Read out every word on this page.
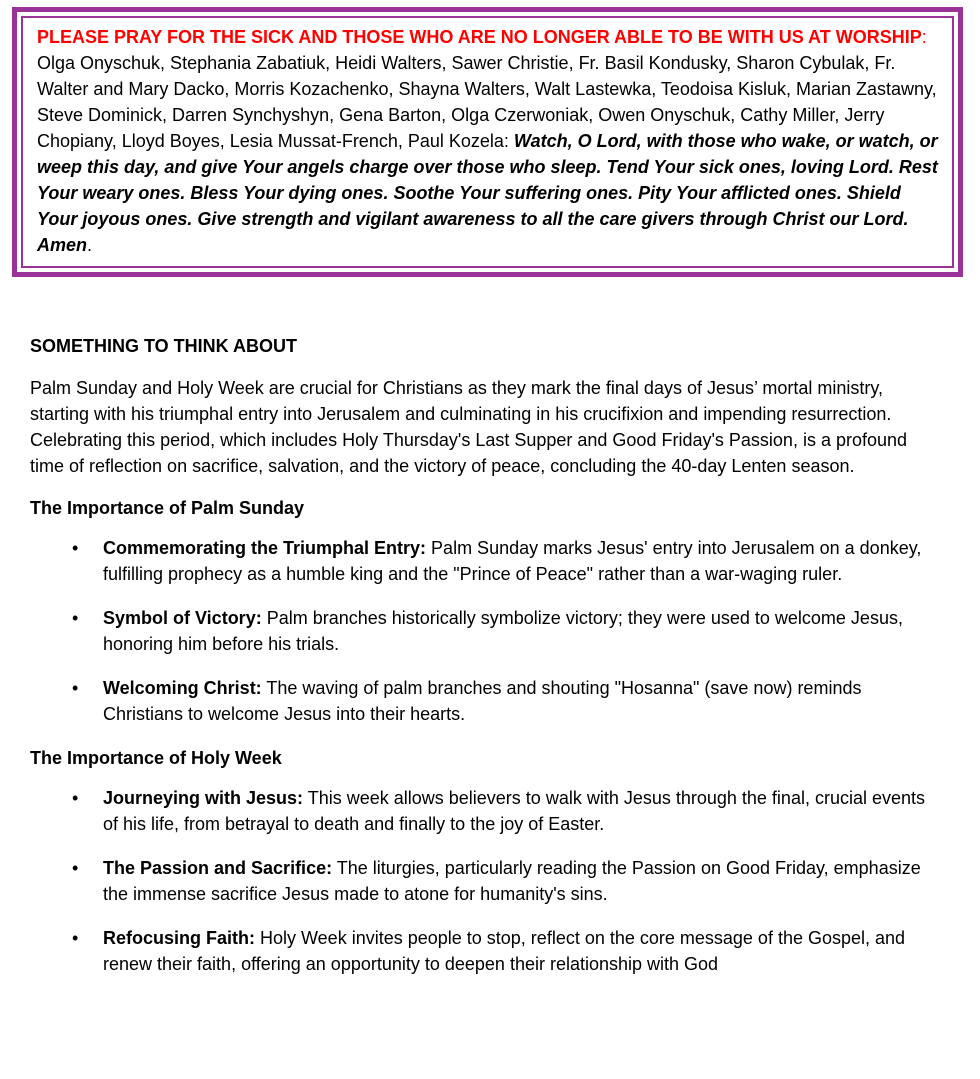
PLEASE PRAY FOR THE SICK AND THOSE WHO ARE NO LONGER ABLE TO BE WITH US AT WORSHIP: Olga Onyschuk, Stephania Zabatiuk, Heidi Walters, Sawer Christie, Fr. Basil Kondusky, Sharon Cybulak, Fr. Walter and Mary Dacko, Morris Kozachenko, Shayna Walters, Walt Lastewka, Teodoisa Kisluk, Marian Zastawny, Steve Dominick, Darren Synchyshyn, Gena Barton, Olga Czerwoniak, Owen Onyschuk, Cathy Miller, Jerry Chopiany, Lloyd Boyes, Lesia Mussat-French, Paul Kozela: Watch, O Lord, with those who wake, or watch, or weep this day, and give Your angels charge over those who sleep. Tend Your sick ones, loving Lord. Rest Your weary ones. Bless Your dying ones. Soothe Your suffering ones. Pity Your afflicted ones. Shield Your joyous ones. Give strength and vigilant awareness to all the care givers through Christ our Lord. Amen.

SOMETHING TO THINK ABOUT

Palm Sunday and Holy Week are crucial for Christians as they mark the final days of Jesus’ mortal ministry, starting with his triumphal entry into Jerusalem and culminating in his crucifixion and impending resurrection. Celebrating this period, which includes Holy Thursday's Last Supper and Good Friday's Passion, is a profound time of reflection on sacrifice, salvation, and the victory of peace, concluding the 40-day Lenten season.

The Importance of Palm Sunday
• Commemorating the Triumphal Entry: Palm Sunday marks Jesus' entry into Jerusalem on a donkey, fulfilling prophecy as a humble king and the "Prince of Peace" rather than a war-waging ruler.
• Symbol of Victory: Palm branches historically symbolize victory; they were used to welcome Jesus, honoring him before his trials.
• Welcoming Christ: The waving of palm branches and shouting "Hosanna" (save now) reminds Christians to welcome Jesus into their hearts.
The Importance of Holy Week
• Journeying with Jesus: This week allows believers to walk with Jesus through the final, crucial events of his life, from betrayal to death and finally to the joy of Easter.
• The Passion and Sacrifice: The liturgies, particularly reading the Passion on Good Friday, emphasize the immense sacrifice Jesus made to atone for humanity's sins.
• Refocusing Faith: Holy Week invites people to stop, reflect on the core message of the Gospel, and renew their faith, offering an opportunity to deepen their relationship with God
